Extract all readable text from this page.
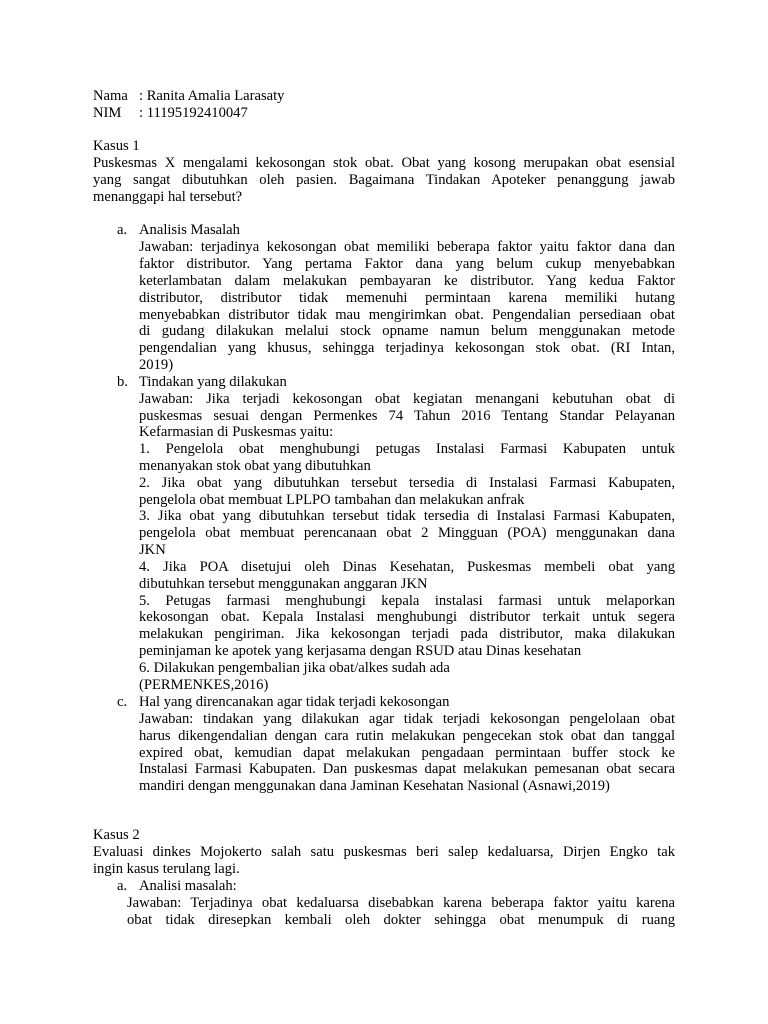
Nama : Ranita Amalia Larasaty
NIM : 11195192410047
Kasus 1
Puskesmas X mengalami kekosongan stok obat. Obat yang kosong merupakan obat esensial
yang sangat dibutuhkan oleh pasien. Bagaimana Tindakan Apoteker penanggung jawab
menanggapi hal tersebut?
a. Analisis Masalah
Jawaban: terjadinya kekosongan obat memiliki beberapa faktor yaitu faktor dana dan
faktor distributor. Yang pertama Faktor dana yang belum cukup menyebabkan
keterlambatan dalam melakukan pembayaran ke distributor. Yang kedua Faktor
distributor, distributor tidak memenuhi permintaan karena memiliki hutang
menyebabkan distributor tidak mau mengirimkan obat. Pengendalian persediaan obat
di gudang dilakukan melalui stock opname namun belum menggunakan metode
pengendalian yang khusus, sehingga terjadinya kekosongan stok obat. (RI Intan,
2019)
b. Tindakan yang dilakukan
Jawaban: Jika terjadi kekosongan obat kegiatan menangani kebutuhan obat di
puskesmas sesuai dengan Permenkes 74 Tahun 2016 Tentang Standar Pelayanan
Kefarmasian di Puskesmas yaitu:
1. Pengelola obat menghubungi petugas Instalasi Farmasi Kabupaten untuk
menanyakan stok obat yang dibutuhkan
2. Jika obat yang dibutuhkan tersebut tersedia di Instalasi Farmasi Kabupaten,
pengelola obat membuat LPLPO tambahan dan melakukan anfrak
3. Jika obat yang dibutuhkan tersebut tidak tersedia di Instalasi Farmasi Kabupaten,
pengelola obat membuat perencanaan obat 2 Mingguan (POA) menggunakan dana
JKN
4. Jika POA disetujui oleh Dinas Kesehatan, Puskesmas membeli obat yang
dibutuhkan tersebut menggunakan anggaran JKN
5. Petugas farmasi menghubungi kepala instalasi farmasi untuk melaporkan
kekosongan obat. Kepala Instalasi menghubungi distributor terkait untuk segera
melakukan pengiriman. Jika kekosongan terjadi pada distributor, maka dilakukan
peminjaman ke apotek yang kerjasama dengan RSUD atau Dinas kesehatan
6. Dilakukan pengembalian jika obat/alkes sudah ada
(PERMENKES,2016)
c. Hal yang direncanakan agar tidak terjadi kekosongan
Jawaban: tindakan yang dilakukan agar tidak terjadi kekosongan pengelolaan obat
harus dikengendalian dengan cara rutin melakukan pengecekan stok obat dan tanggal
expired obat, kemudian dapat melakukan pengadaan permintaan buffer stock ke
Instalasi Farmasi Kabupaten. Dan puskesmas dapat melakukan pemesanan obat secara
mandiri dengan menggunakan dana Jaminan Kesehatan Nasional (Asnawi,2019)
Kasus 2
Evaluasi dinkes Mojokerto salah satu puskesmas beri salep kedaluarsa, Dirjen Engko tak
ingin kasus terulang lagi.
a. Analisi masalah:
Jawaban: Terjadinya obat kedaluarsa disebabkan karena beberapa faktor yaitu karena
obat tidak diresepkan kembali oleh dokter sehingga obat menumpuk di ruang
